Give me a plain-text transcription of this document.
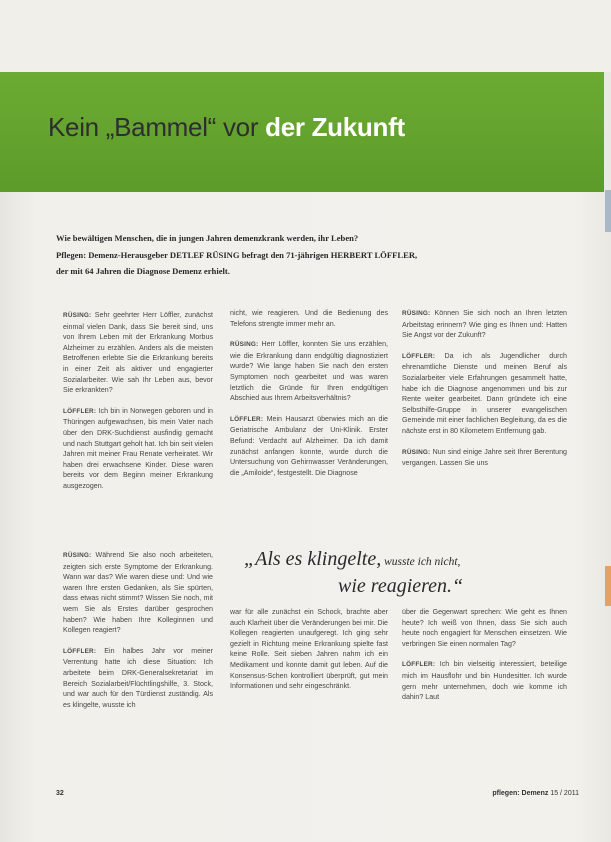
Kein „Bammel“ vor der Zukunft

Wie bewältigen Menschen, die in jungen Jahren demenzkrank werden, ihr Leben?

Pflegen: Demenz-Herausgeber DETLEF RÜSING befragt den 71-jährigen HERBERT LÖFFLER,

der mit 64 Jahren die Diagnose Demenz erhielt.

RÜSING: Sehr geehrter Herr Löffler, zunächst einmal vielen Dank, dass Sie bereit sind, uns von Ihrem Leben mit der Erkrankung Morbus Alzheimer zu erzählen. Anders als die meisten Betroffenen erlebte Sie die Erkrankung bereits in einer Zeit als aktiver und engagierter Sozialarbeiter. Wie sah Ihr Leben aus, bevor Sie erkrankten?

LÖFFLER: Ich bin in Norwegen geboren und in Thüringen aufgewachsen, bis mein Vater nach über den DRK-Suchdienst ausfindig gemacht und nach Stuttgart geholt hat. Ich bin seit vielen Jahren mit meiner Frau Renate verheiratet. Wir haben drei erwachsene Kinder. Diese waren bereits vor dem Beginn meiner Erkrankung ausgezogen.

nicht, wie reagieren. Und die Bedienung des Telefons strengte immer mehr an.

RÜSING: Herr Löffler, konnten Sie uns erzählen, wie die Erkrankung dann endgültig diagnostiziert wurde? Wie lange haben Sie nach den ersten Symptomen noch gearbeitet und was waren letztlich die Gründe für Ihren endgültigen Abschied aus Ihrem Arbeitsverhältnis?

LÖFFLER: Mein Hausarzt überwies mich an die Geriatrische Ambulanz der Uni-Klinik. Erster Befund: Verdacht auf Alzheimer. Da ich damit zunächst anfangen konnte, wurde durch die Untersuchung von Gehirnwasser Veränderungen, die „Amiloide“, festgestellt. Die Diagnose

RÜSING: Können Sie sich noch an Ihren letzten Arbeitstag erinnern? Wie ging es Ihnen und: Hatten Sie Angst vor der Zukunft?

LÖFFLER: Da ich als Jugendlicher durch ehrenamtliche Dienste und meinen Beruf als Sozialarbeiter viele Erfahrungen gesammelt hatte, habe ich die Diagnose angenommen und bis zur Rente weiter gearbeitet. Dann gründete ich eine Selbsthilfe-Gruppe in unserer evangelischen Gemeinde mit einer fachlichen Begleitung, da es die nächste erst in 80 Kilometern Entfernung gab.

RÜSING: Nun sind einige Jahre seit Ihrer Berentung vergangen. Lassen Sie uns

„Als es klingelte, wusste ich nicht,
wie reagieren.“

RÜSING: Während Sie also noch arbeiteten, zeigten sich erste Symptome der Erkrankung. Wann war das? Wie waren diese und: Und wie waren Ihre ersten Gedanken, als Sie spürten, dass etwas nicht stimmt? Wissen Sie noch, mit wem Sie als Erstes darüber gesprochen haben? Wie haben Ihre Kolleginnen und Kollegen reagiert?

LÖFFLER: Ein halbes Jahr vor meiner Verrentung hatte ich diese Situation: Ich arbeitete beim DRK-Generalsekretariat im Bereich Sozialarbeit/Flüchtlingshilfe, 3. Stock, und war auch für den Türdienst zuständig. Als es klingelte, wusste ich

war für alle zunächst ein Schock, brachte aber auch Klarheit über die Veränderungen bei mir. Die Kollegen reagierten unaufgeregt. Ich ging sehr gezielt in Richtung meine Erkrankung spielte fast keine Rolle. Seit sieben Jahren nahm ich ein Medikament und konnte damit gut leben. Auf die Konsensus-Schen kontrolliert überprüft, gut mein Informationen und sehr eingeschränkt.

über die Gegenwart sprechen: Wie geht es Ihnen heute? Ich weiß von Ihnen, dass Sie sich auch heute noch engagiert für Menschen einsetzen. Wie verbringen Sie einen normalen Tag?

LÖFFLER: Ich bin vielseitig interessiert, beteilige mich im Hausflohr und bin Hundesitter. Ich wurde gern mehr unternehmen, doch wie komme ich dahin? Laut

32	pflegen: Demenz 15 / 2011
